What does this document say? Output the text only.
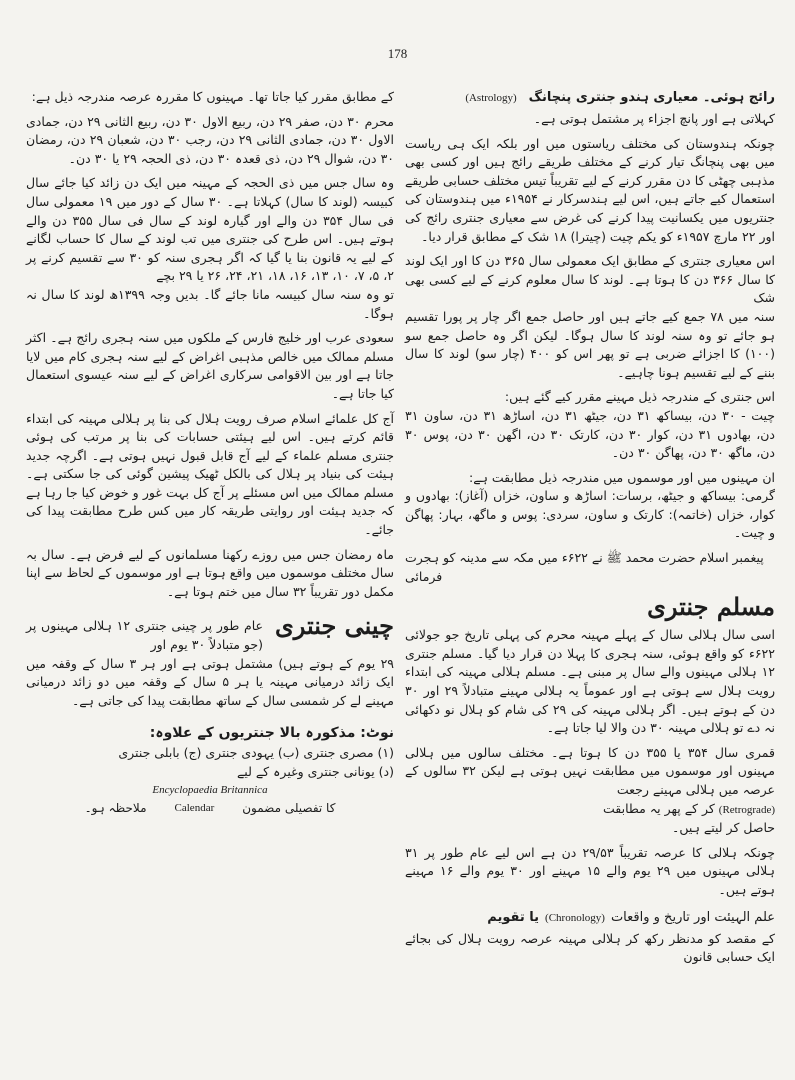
178
رائج ہوئی۔ معیاری ہندو جنتری پنچانگ
(Astrology)

کہلاتی ہے اور پانچ اجزاء پر مشتمل ہوتی ہے۔

چونکہ ہندوستان کی مختلف ریاستوں میں اور بلکہ ایک ہی ریاست میں بھی پنچانگ تیار کرنے کے مختلف طریقے رائج ہیں اور کسی بھی مذہبی چھٹی کا دن مقرر کرنے کے لیے تقریباً تیس مختلف حسابی طریقے استعمال کیے جاتے ہیں، اس لیے ہندسرکار نے ۱۹۵۴ء میں ہندوستان کی جنتریوں میں یکسانیت پیدا کرنے کی غرض سے معیاری جنتری رائج کی اور ۲۲ مارچ ۱۹۵۷ء کو یکم چیت (چیترا) ۱۸ شک کے مطابق قرار دیا۔

اس معیاری جنتری کے مطابق ایک معمولی سال ۳۶۵ دن کا اور ایک لوند کا سال ۳۶۶ دن کا ہوتا ہے۔ لوند کا سال معلوم کرنے کے لیے کسی بھی شک

سنہ میں ۷۸ جمع کیے جاتے ہیں اور حاصل جمع اگر چار پر پورا تقسیم ہو جائے تو وہ سنہ لوند کا سال ہوگا۔ لیکن اگر وہ حاصل جمع سو (۱۰۰) کا اجزائے ضربی ہے تو پھر اس کو ۴۰۰ (چار سو) لوند کا سال بننے کے لیے تقسیم ہونا چاہیے۔

اس جنتری کے مندرجہ ذیل مہینے مقرر کیے گئے ہیں:

چیت - ۳۰ دن، بیساکھ ۳۱ دن، جیٹھ ۳۱ دن، اساڑھ ۳۱ دن، ساون ۳۱ دن، بھادوں ۳۱ دن، کوار ۳۰ دن، کارتک ۳۰ دن، اگھن ۳۰ دن، پوس ۳۰ دن، ماگھ ۳۰ دن، پھاگن ۳۰ دن۔

ان مہینوں میں اور موسموں میں مندرجہ ذیل مطابقت ہے:

گرمی: بیساکھ و جیٹھ، برسات: اساڑھ و ساون، خزاں (آغاز): بھادوں و کوار، خزاں (خاتمہ): کارتک و ساون، سردی: پوس و ماگھ، بہار: پھاگن و چیت۔

پیغمبر اسلام حضرت محمد ﷺ نے ۶۲۲ء میں مکہ سے مدینہ کو ہجرت فرمائی

مسلم جنتری

اسی سال ہلالی سال کے پہلے مہینہ محرم کی پہلی تاریخ جو جولائی ۶۲۲ء کو واقع ہوئی، سنہ ہجری کا پہلا دن قرار دیا گیا۔ مسلم جنتری ۱۲ ہلالی مہینوں والے سال پر مبنی ہے۔ مسلم ہلالی مہینہ کی ابتداء رویت ہلال سے ہوتی ہے اور عموماً یہ ہلالی مہینے متبادلاً ۲۹ اور ۳۰ دن کے ہوتے ہیں۔ اگر ہلالی مہینہ کی ۲۹ کی شام کو ہلال نو دکھائی نہ دے تو ہلالی مہینہ ۳۰ دن والا لیا جاتا ہے۔

قمری سال ۳۵۴ یا ۳۵۵ دن کا ہوتا ہے۔ مختلف سالوں میں ہلالی مہینوں اور موسموں میں مطابقت نہیں ہوتی ہے لیکن ۳۲ سالوں کے عرصہ میں ہلالی مہینے رجعت

(Retrograde) کر کے پھر یہ مطابقت

حاصل کر لیتے ہیں۔

چونکہ ہلالی کا عرصہ تقریباً ۲۹/۵۳ دن ہے اس لیے عام طور پر ۳۱ ہلالی مہینوں میں ۲۹ یوم والے ۱۵ مہینے اور ۳۰ یوم والے ۱۶ مہینے ہوتے ہیں۔

علم الہیئت اور تاریخ و واقعات
(Chronology)
یا تقویم

کے مقصد کو مدنظر رکھ کر ہلالی مہینہ عرصہ رویت ہلال کی بجائے ایک حسابی قانون

کے مطابق مقرر کیا جاتا تھا۔ مہینوں کا مقررہ عرصہ مندرجہ ذیل ہے:

محرم ۳۰ دن، صفر ۲۹ دن، ربیع الاول ۳۰ دن، ربیع الثانی ۲۹ دن، جمادی الاول ۳۰ دن، جمادی الثانی ۲۹ دن، رجب ۳۰ دن، شعبان ۲۹ دن، رمضان ۳۰ دن، شوال ۲۹ دن، ذی قعدہ ۳۰ دن، ذی الحجہ ۲۹ یا ۳۰ دن۔

وہ سال جس میں ذی الحجہ کے مہینہ میں ایک دن زائد کیا جائے سال کبیسہ (لوند کا سال) کہلاتا ہے۔ ۳۰ سال کے دور میں ۱۹ معمولی سال فی سال ۳۵۴ دن والے اور گیارہ لوند کے سال فی سال ۳۵۵ دن والے ہوتے ہیں۔ اس طرح کی جنتری میں تب لوند کے سال کا حساب لگانے کے لیے یہ قانون بنا یا گیا کہ اگر ہجری سنہ کو ۳۰ سے تقسیم کرنے پر ۲، ۵، ۷، ۱۰، ۱۳، ۱۶، ۱۸، ۲۱، ۲۴، ۲۶ یا ۲۹ بچے

تو وہ سنہ سال کبیسہ مانا جائے گا۔ بدیں وجہ ۱۳۹۹ھ لوند کا سال نہ ہوگا۔

سعودی عرب اور خلیج فارس کے ملکوں میں سنہ ہجری رائج ہے۔ اکثر مسلم ممالک میں خالص مذہبی اغراض کے لیے سنہ ہجری کام میں لایا جاتا ہے اور بین الاقوامی سرکاری اغراض کے لیے سنہ عیسوی استعمال کیا جاتا ہے۔

آج کل علمائے اسلام صرف رویت ہلال کی بنا پر ہلالی مہینہ کی ابتداء قائم کرتے ہیں۔ اس لیے ہیئتی حسابات کی بنا پر مرتب کی ہوئی جنتری مسلم علماء کے لیے آج قابل قبول نہیں ہوتی ہے۔ اگرچہ جدید ہیئت کی بنیاد پر ہلال کی بالکل ٹھیک پیشین گوئی کی جا سکتی ہے۔ مسلم ممالک میں اس مسئلے پر آج کل بہت غور و خوض کیا جا رہا ہے کہ جدید ہیئت اور روایتی طریقہ کار میں کس طرح مطابقت پیدا کی جائے۔

ماہ رمضان جس میں روزے رکھنا مسلمانوں کے لیے فرض ہے۔ سال بہ سال مختلف موسموں میں واقع ہوتا ہے اور موسموں کے لحاظ سے اپنا مکمل دور تقریباً ۳۲ سال میں ختم ہوتا ہے۔

چینی جنتری

عام طور پر چینی جنتری ۱۲ ہلالی مہینوں پر (جو متبادلاً ۳۰ یوم اور

۲۹ یوم کے ہوتے ہیں) مشتمل ہوتی ہے اور ہر ۳ سال کے وقفہ میں ایک زائد درمیانی مہینہ یا ہر ۵ سال کے وقفہ میں دو زائد درمیانی مہینے لے کر شمسی سال کے ساتھ مطابقت پیدا کی جاتی ہے۔

نوٹ: مذکورہ بالا جنتریوں کے علاوہ:

(۱) مصری جنتری (ب) یہودی جنتری (ج) بابلی جنتری

(د) یونانی جنتری وغیرہ کے لیے

Encyclopaedia Britannica
کا تفصیلی مضمون
Calendar
ملاحظہ ہو۔
